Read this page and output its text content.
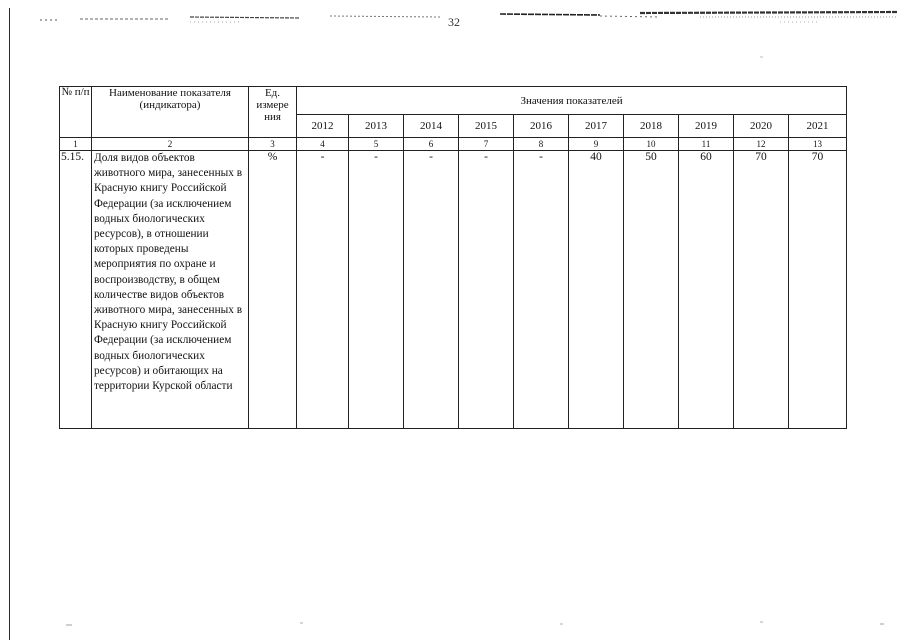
32
№ п/п	Наименование показателя (индикатора)	Ед. измере ния	Значения показателей									
			2012	2013	2014	2015	2016	2017	2018	2019	2020	2021
1	2	3	4	5	6	7	8	9	10	11	12	13
5.15.	Доля видов объектов животного мира, занесенных в Красную книгу Российской Федерации (за исключением водных биологических ресурсов), в отношении которых проведены мероприятия по охране и воспроизводству, в общем количестве видов объектов животного мира, занесенных в Красную книгу Российской Федерации (за исключением водных биологических ресурсов) и обитающих на территории Курской области	%	-	-	-	-	-	40	50	60	70	70
